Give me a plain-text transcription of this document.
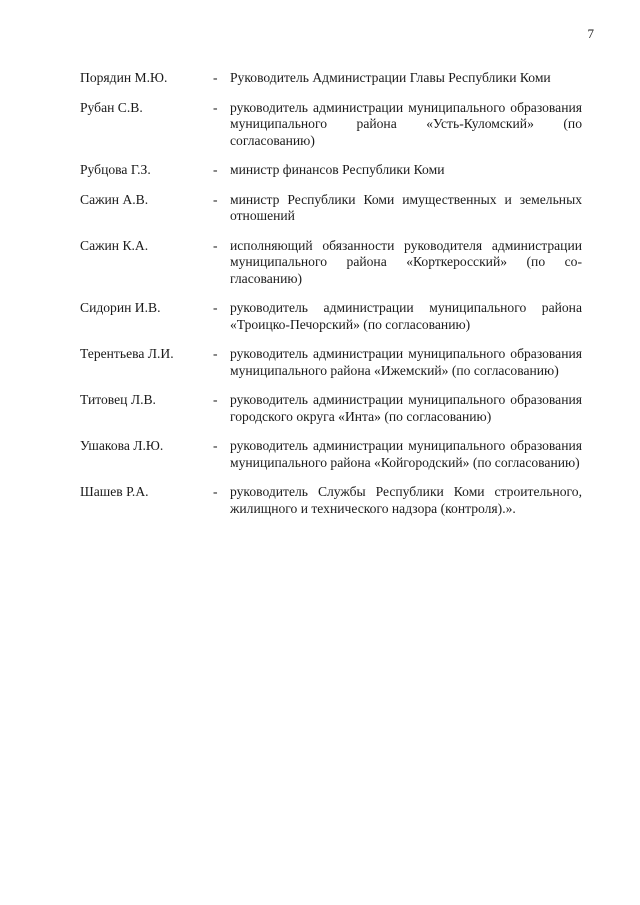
7
Порядин М.Ю.	- Руководитель Администрации Главы Республики Коми
Рубан С.В.	- руководитель администрации муниципального образования муниципального района «Усть-Куломский» (по согласованию)
Рубцова Г.З.	- министр финансов Республики Коми
Сажин А.В.	- министр Республики Коми имущественных и земельных отношений
Сажин К.А.	- исполняющий обязанности руководителя администрации муниципального района «Корткеросский» (по согласованию)
Сидорин И.В.	- руководитель администрации муниципального района «Троицко-Печорский» (по согласованию)
Терентьева Л.И.	- руководитель администрации муниципального образования муниципального района «Ижемский» (по согласованию)
Титовец Л.В.	- руководитель администрации муниципального образования городского округа «Инта» (по согласованию)
Ушакова Л.Ю.	- руководитель администрации муниципального образования муниципального района «Койгородский» (по согласованию)
Шашев Р.А.	- руководитель Службы Республики Коми строительного, жилищного и технического надзора (контроля).».
